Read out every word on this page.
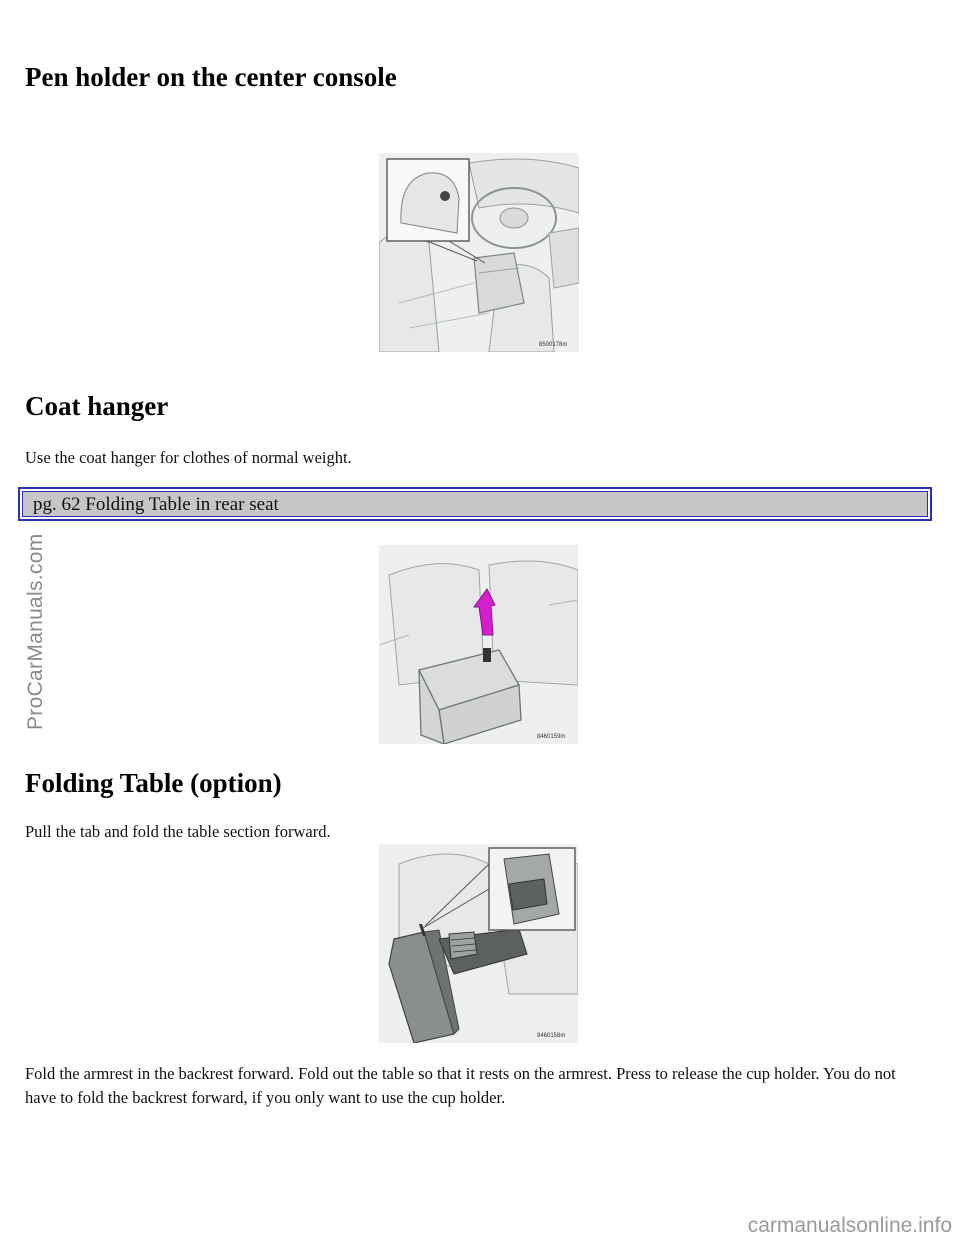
Pen holder on the center console
8500178m
Coat hanger
Use the coat hanger for clothes of normal weight.
pg. 62 Folding Table in rear seat
8460159m
Folding Table (option)
Pull the tab and fold the table section forward.
8460158m
Fold the armrest in the backrest forward. Fold out the table so that it rests on the armrest. Press to release the cup holder. You do not have to fold the backrest forward, if you only want to use the cup holder.
ProCarManuals.com
carmanualsonline.info
